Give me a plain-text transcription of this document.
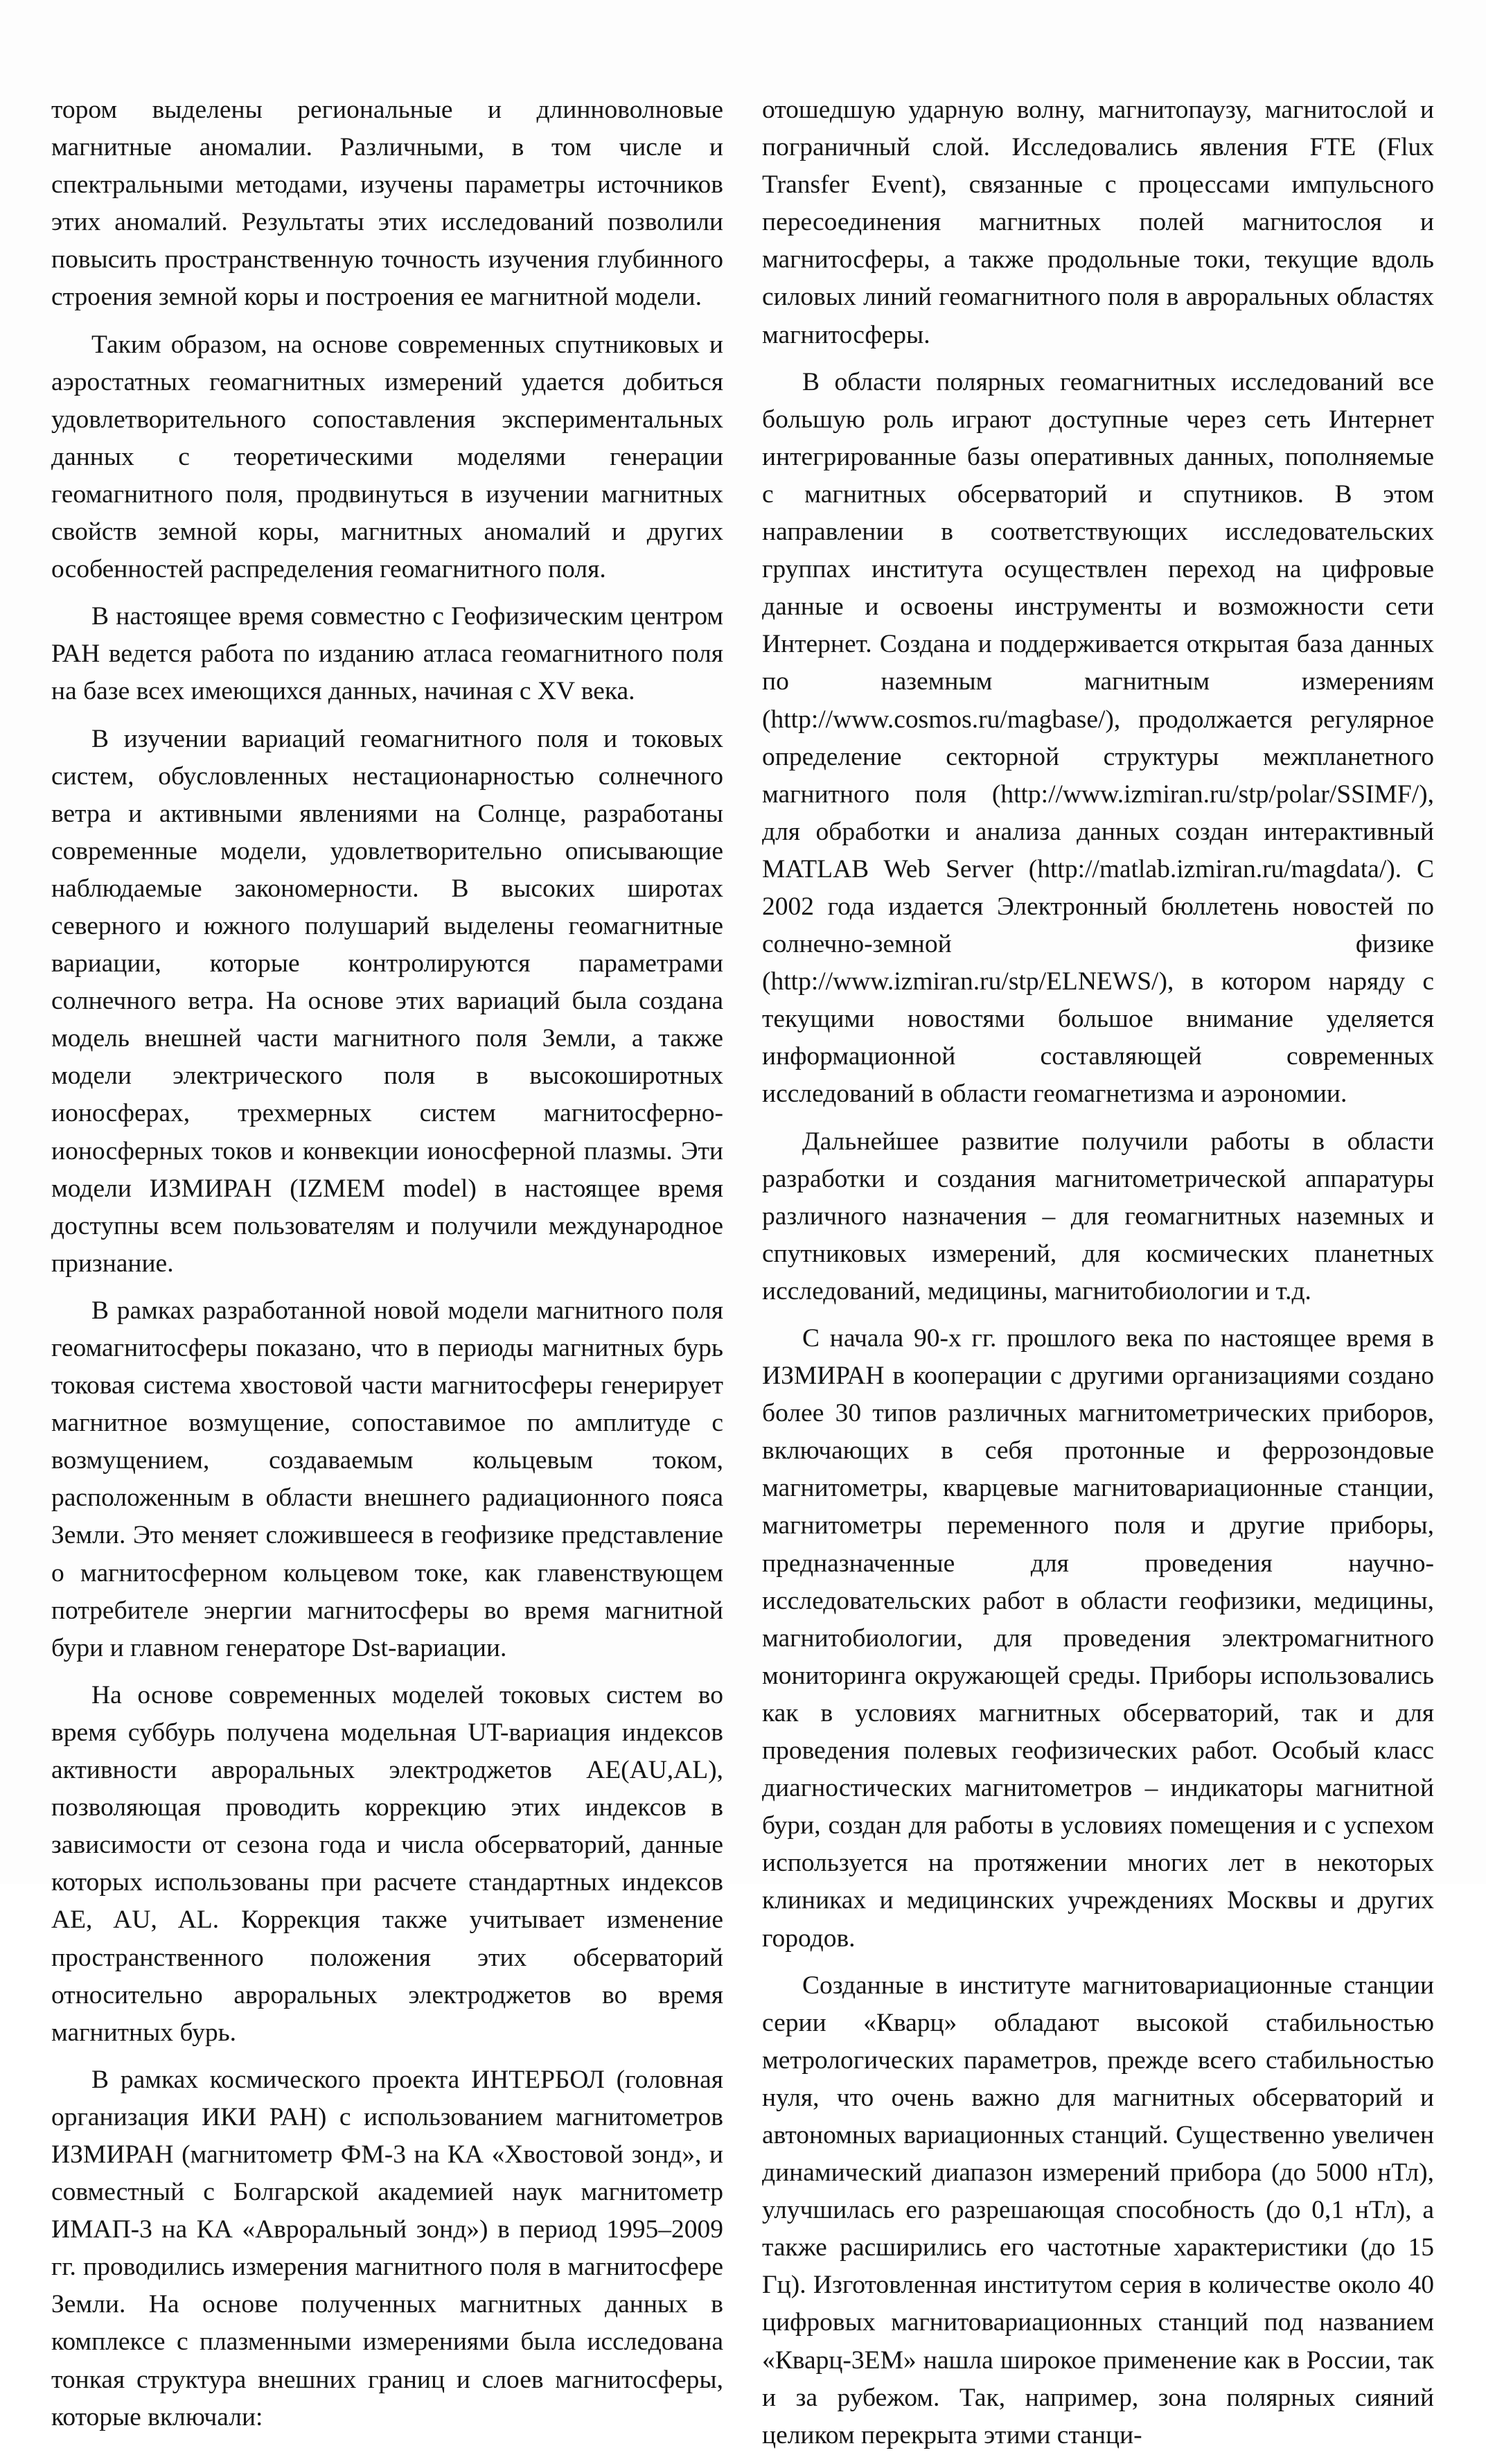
тором выделены региональные и длинноволновые магнитные аномалии. Различными, в том числе и спектральными методами, изучены параметры источников этих аномалий. Результаты этих исследований позволили повысить пространственную точность изучения глубинного строения земной коры и построения ее магнитной модели.

Таким образом, на основе современных спутниковых и аэростатных геомагнитных измерений удается добиться удовлетворительного сопоставления экспериментальных данных с теоретическими моделями генерации геомагнитного поля, продвинуться в изучении магнитных свойств земной коры, магнитных аномалий и других особенностей распределения геомагнитного поля.

В настоящее время совместно с Геофизическим центром РАН ведется работа по изданию атласа геомагнитного поля на базе всех имеющихся данных, начиная с XV века.

В изучении вариаций геомагнитного поля и токовых систем, обусловленных нестационарностью солнечного ветра и активными явлениями на Солнце, разработаны современные модели, удовлетворительно описывающие наблюдаемые закономерности. В высоких широтах северного и южного полушарий выделены геомагнитные вариации, которые контролируются параметрами солнечного ветра. На основе этих вариаций была создана модель внешней части магнитного поля Земли, а также модели электрического поля в высокоширотных ионосферах, трехмерных систем магнитосферно-ионосферных токов и конвекции ионосферной плазмы. Эти модели ИЗМИРАН (IZMEM model) в настоящее время доступны всем пользователям и получили международное признание.

В рамках разработанной новой модели магнитного поля геомагнитосферы показано, что в периоды магнитных бурь токовая система хвостовой части магнитосферы генерирует магнитное возмущение, сопоставимое по амплитуде с возмущением, создаваемым кольцевым током, расположенным в области внешнего радиационного пояса Земли. Это меняет сложившееся в геофизике представление о магнитосферном кольцевом токе, как главенствующем потребителе энергии магнитосферы во время магнитной бури и главном генераторе Dst-вариации.

На основе современных моделей токовых систем во время суббурь получена модельная UT-вариация индексов активности авроральных электроджетов AE(AU,AL), позволяющая проводить коррекцию этих индексов в зависимости от сезона года и числа обсерваторий, данные которых использованы при расчете стандартных индексов AE, AU, AL. Коррекция также учитывает изменение пространственного положения этих обсерваторий относительно авроральных электроджетов во время магнитных бурь.

В рамках космического проекта ИНТЕРБОЛ (головная организация ИКИ РАН) с использованием магнитометров ИЗМИРАН (магнитометр ФМ-3 на КА «Хвостовой зонд», и совместный с Болгарской академией наук магнитометр ИМАП-3 на КА «Авроральный зонд») в период 1995–2009 гг. проводились измерения магнитного поля в магнитосфере Земли. На основе полученных магнитных данных в комплексе с плазменными измерениями была исследована тонкая структура внешних границ и слоев магнитосферы, которые включали:

отошедшую ударную волну, магнитопаузу, магнитослой и пограничный слой. Исследовались явления FTE (Flux Transfer Event), связанные с процессами импульсного пересоединения магнитных полей магнитослоя и магнитосферы, а также продольные токи, текущие вдоль силовых линий геомагнитного поля в авроральных областях магнитосферы.

В области полярных геомагнитных исследований все большую роль играют доступные через сеть Интернет интегрированные базы оперативных данных, пополняемые с магнитных обсерваторий и спутников. В этом направлении в соответствующих исследовательских группах института осуществлен переход на цифровые данные и освоены инструменты и возможности сети Интернет. Создана и поддерживается открытая база данных по наземным магнитным измерениям (http://www.cosmos.ru/magbase/), продолжается регулярное определение секторной структуры межпланетного магнитного поля (http://www.izmiran.ru/stp/polar/SSIMF/), для обработки и анализа данных создан интерактивный MATLAB Web Server (http://matlab.izmiran.ru/magdata/). С 2002 года издается Электронный бюллетень новостей по солнечно-земной физике (http://www.izmiran.ru/stp/ELNEWS/), в котором наряду с текущими новостями большое внимание уделяется информационной составляющей современных исследований в области геомагнетизма и аэрономии.

Дальнейшее развитие получили работы в области разработки и создания магнитометрической аппаратуры различного назначения – для геомагнитных наземных и спутниковых измерений, для космических планетных исследований, медицины, магнитобиологии и т.д.

С начала 90-х гг. прошлого века по настоящее время в ИЗМИРАН в кооперации с другими организациями создано более 30 типов различных магнитометрических приборов, включающих в себя протонные и феррозондовые магнитометры, кварцевые магнитовариационные станции, магнитометры переменного поля и другие приборы, предназначенные для проведения научно-исследовательских работ в области геофизики, медицины, магнитобиологии, для проведения электромагнитного мониторинга окружающей среды. Приборы использовались как в условиях магнитных обсерваторий, так и для проведения полевых геофизических работ. Особый класс диагностических магнитометров – индикаторы магнитной бури, создан для работы в условиях помещения и с успехом используется на протяжении многих лет в некоторых клиниках и медицинских учреждениях Москвы и других городов.

Созданные в институте магнитовариационные станции серии «Кварц» обладают высокой стабильностью метрологических параметров, прежде всего стабильностью нуля, что очень важно для магнитных обсерваторий и автономных вариационных станций. Существенно увеличен динамический диапазон измерений прибора (до 5000 нТл), улучшилась его разрешающая способность (до 0,1 нТл), а также расширились его частотные характеристики (до 15 Гц). Изготовленная институтом серия в количестве около 40 цифровых магнитовариационных станций под названием «Кварц-3ЕМ» нашла широкое применение как в России, так и за рубежом. Так, например, зона полярных сияний целиком перекрыта этими станци-
